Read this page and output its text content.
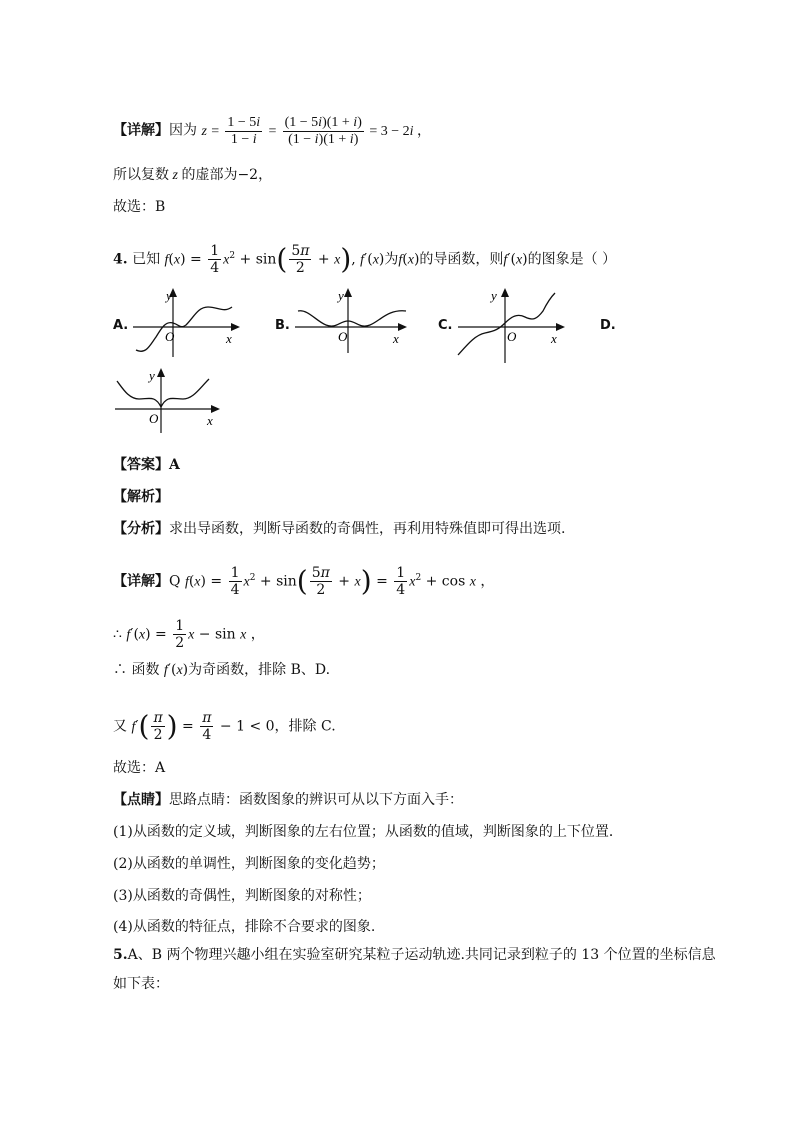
【详解】因为 $z = \frac{1 - 5i}{1 - i} = \frac{(1 - 5i)(1 + i)}{(1 - i)(1 + i)} = 3 - 2i$ ，
所以复数 z 的虚部为−2，
故选：B
4. 已知 $f(x) = \frac{1}{4} x^2 + \sin( \frac{5\pi}{2} + x)$, f′(x)为f(x)的导函数，则f′(x)的图象是（ ）
A.
y
x
O
B.
y
x
O
C.
y
x
O
D.
y
x
O
【答案】A
【解析】
【分析】求出导函数，判断导函数的奇偶性，再利用特殊值即可得出选项.
【详解】Q $f(x) = \frac{1}{4} x^2 + \sin( \frac{5\pi}{2} + x) = \frac{1}{4} x^2 + \cos x$ ，
∴ $f'(x) = \frac{1}{2}$ x − sin x ，
∴ 函数 f′(x)为奇函数，排除 B、D.
又 $f'( \frac{\pi}{2}$ ) = $\frac{\pi}{4} - 1 < 0$，排除 C.
故选：A
【点睛】思路点睛：函数图象的辨识可从以下方面入手：
(1)从函数的定义域，判断图象的左右位置；从函数的值域，判断图象的上下位置．
(2)从函数的单调性，判断图象的变化趋势；
(3)从函数的奇偶性，判断图象的对称性；
(4)从函数的特征点，排除不合要求的图象.
5.A、B 两个物理兴趣小组在实验室研究某粒子运动轨迹.共同记录到粒子的 13 个位置的坐标信息
如下表：
